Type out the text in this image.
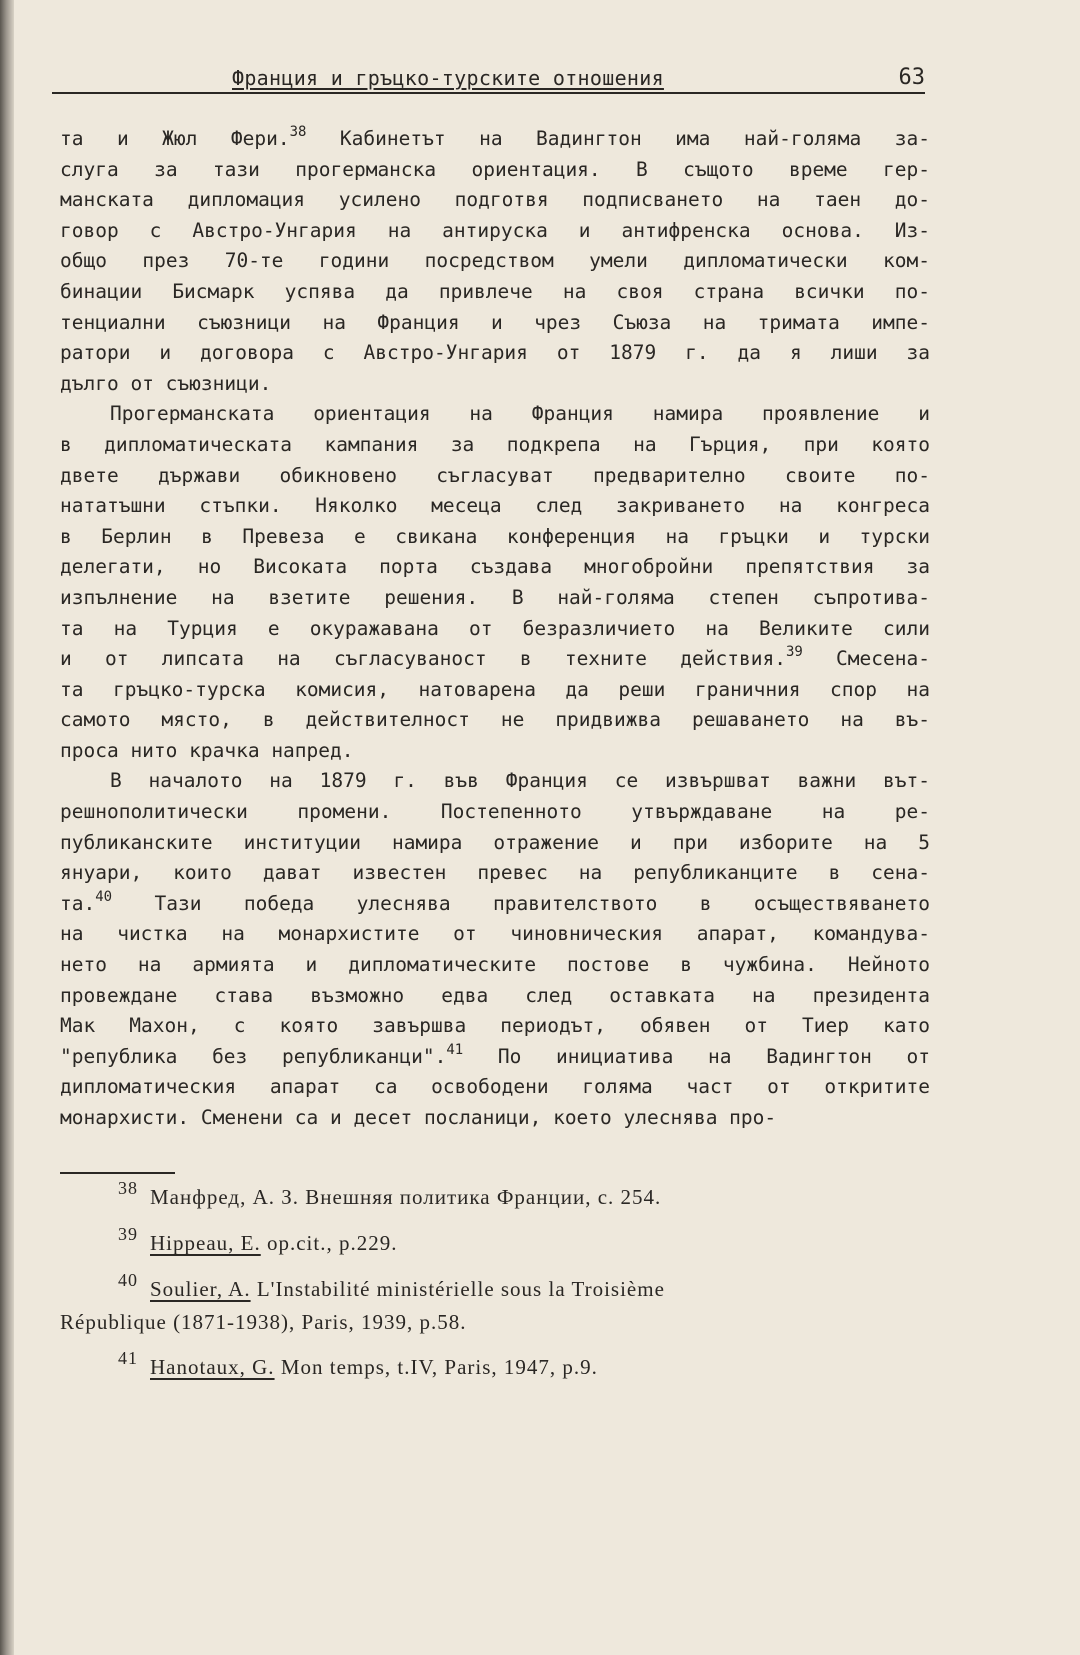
Франция и гръцко-турските отношения	63
та и Жюл Фери.$^{38}$ Кабинетът на Вадингтон има най-голяма за-
слуга за тази прогерманска ориентация. В същото време гер-
манската дипломация усилено подготвя подписването на таен до-
говор с Австро-Унгария на антируска и антифренска основа. Из-
общо през 70-те години посредством умели дипломатически ком-
бинации Бисмарк успява да привлече на своя страна всички по-
тенциални съюзници на Франция и чрез Съюза на тримата импе-
ратори и договора с Австро-Унгария от 1879 г. да я лиши за
дълго от съюзници.
Прогерманската ориентация на Франция намира проявление и
в дипломатическата кампания за подкрепа на Гърция, при която
двете държави обикновено съгласуват предварително своите по-
нататъшни стъпки. Няколко месеца след закриването на конгреса
в Берлин в Превеза е свикана конференция на гръцки и турски
делегати, но Високата порта създава многобройни препятствия за
изпълнение на взетите решения. В най-голяма степен съпротива-
та на Турция е окуражавана от безразличието на Великите сили
и от липсата на съгласуваност в техните действия.$^{39}$ Смесена-
та гръцко-турска комисия, натоварена да реши граничния спор на
самото място, в действителност не придвижва решаването на въ-
проса нито крачка напред.
В началото на 1879 г. във Франция се извършват важни вът-
решнополитически промени. Постепенното утвърждаване на ре-
публиканските институции намира отражение и при изборите на 5
януари, които дават известен превес на републиканците в сена-
та.$^{40}$ Тази победа улеснява правителството в осъществяването
на чистка на монархистите от чиновническия апарат, командува-
нето на армията и дипломатическите постове в чужбина. Нейното
провеждане става възможно едва след оставката на президента
Мак Махон, с която завършва периодът, обявен от Тиер като
"република без републиканци".$^{41}$ По инициатива на Вадингтон от
дипломатическия апарат са освободени голяма част от откритите
монархисти. Сменени са и десет посланици, което улеснява про-
38 Манфред, А. З. Внешняя политика Франции, с. 254.
39 Hippeau, E. op.cit., p.229.
40 Soulier, A. L'Instabilité ministérielle sous la Troisième
République (1871-1938), Paris, 1939, p.58.
41 Hanotaux, G. Mon temps, t.IV, Paris, 1947, p.9.
